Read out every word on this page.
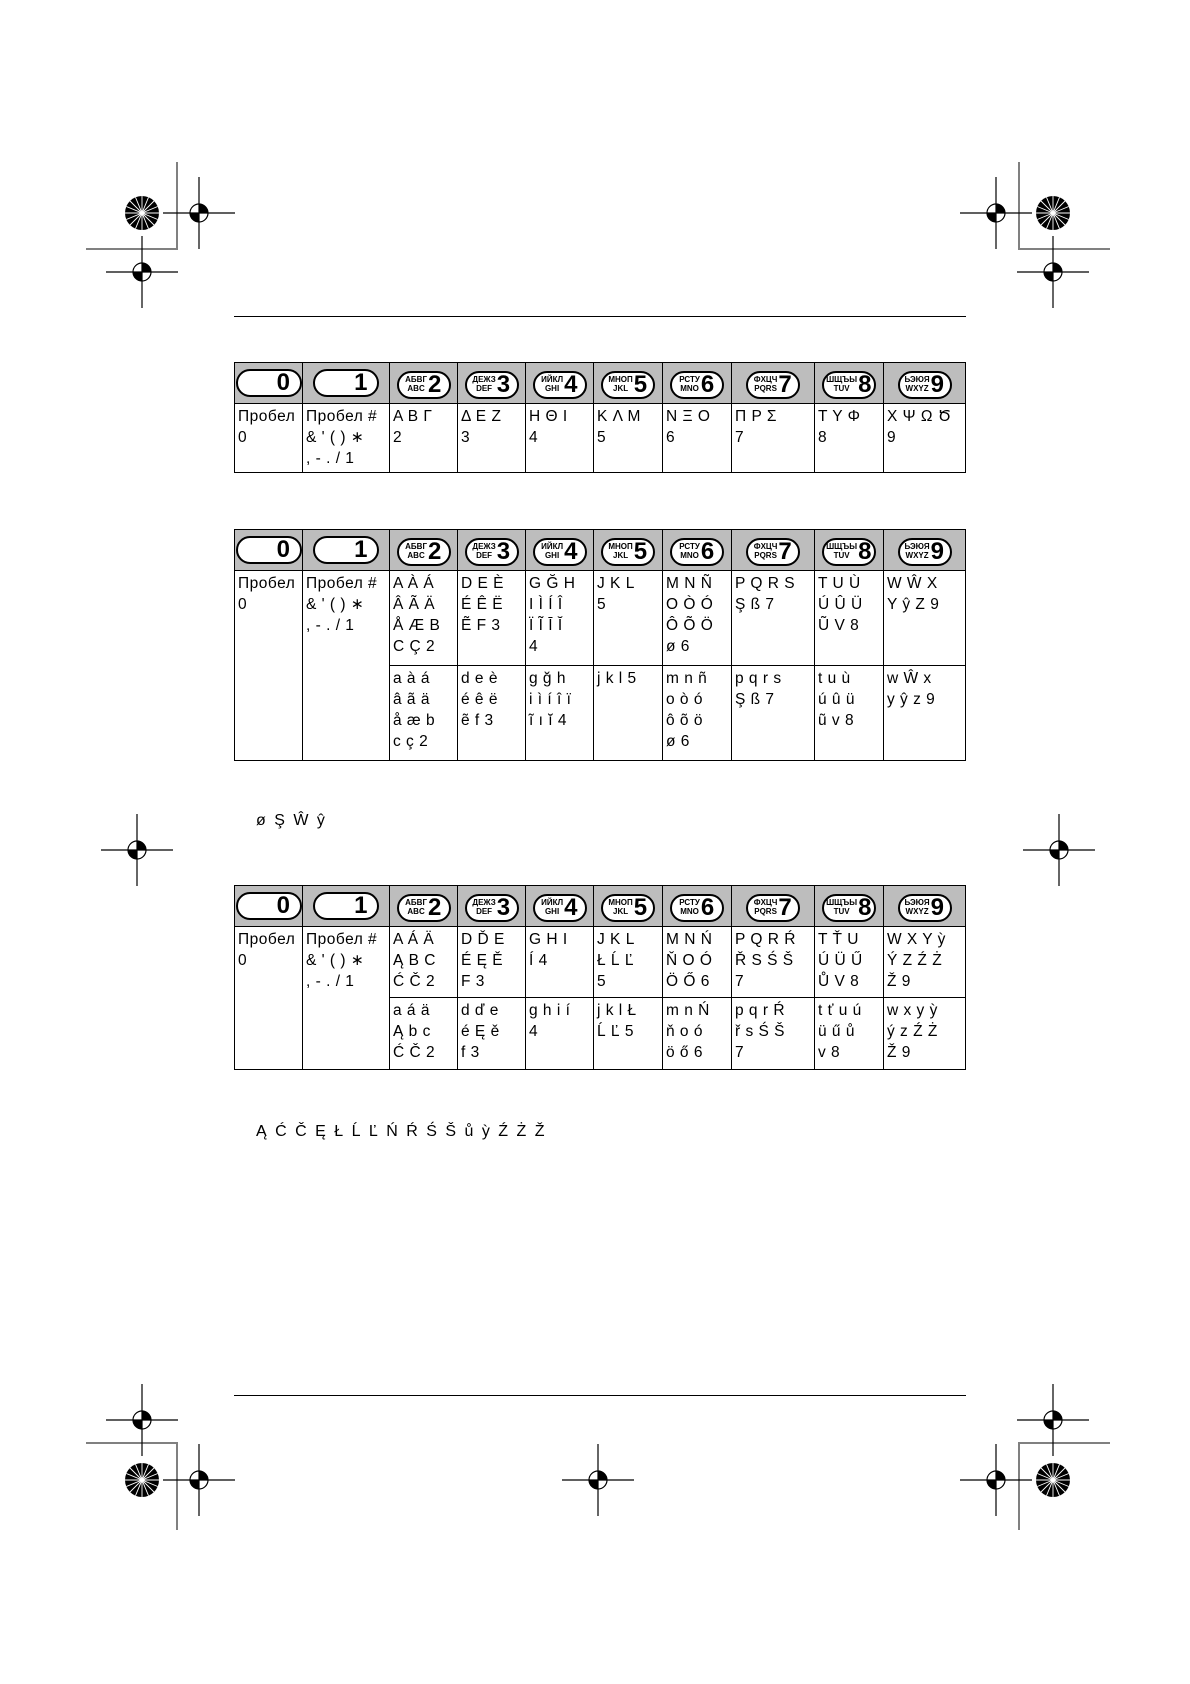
0	1	АБВГ
ABC 2	ДЕЖЗ
DEF 3	ИЙКЛ
GHI 4	МНОП
JKL 5	РСТУ
MNO 6	ФХЦЧ
PQRS 7	ШЩЪЫ
TUV 8	ЬЭЮЯ
WXYZ 9

Пробел
0	Пробел #
& ' ( ) ∗
, - . / 1	A B Γ
2	Δ E Z
3	H Θ I
4	K Λ M
5	N Ξ O
6	Π P Σ
7	T Y Φ
8	X Ψ Ω Ծ
9
0	1	АБВГ
ABC 2	ДЕЖЗ
DEF 3	ИЙКЛ
GHI 4	МНОП
JKL 5	РСТУ
MNO 6	ФХЦЧ
PQRS 7	ШЩЪЫ
TUV 8	ЬЭЮЯ
WXYZ 9

Пробел
0	Пробел #
& ' ( ) ∗
, - . / 1	A À Á
Â Ã Ä
Å Æ B
C Ç 2	D E È
É Ê Ë
Ẽ F 3	G Ğ H
I Ì Í Î
Ï Ĩ Ī Ĭ
4	J K L
5	M N Ñ
O Ò Ó
Ô Õ Ö
ø 6	P Q R S
Ş ß 7	T U Ù
Ú Û Ü
Ũ V 8	W Ŵ X
Y ŷ Z 9

		a à á
â ã ä
å æ b
c ç 2	d e è
é ê ë
ẽ f 3	g ğ h
i ì í î ï
ĩ ı ĭ 4	j k l 5	m n ñ
o ò ó
ô õ ö
ø 6	p q r s
Ş ß 7	t u ù
ú û ü
ũ v 8	w Ŵ x
y ŷ z 9
ø Ş Ŵ ŷ
0	1	АБВГ
ABC 2	ДЕЖЗ
DEF 3	ИЙКЛ
GHI 4	МНОП
JKL 5	РСТУ
MNO 6	ФХЦЧ
PQRS 7	ШЩЪЫ
TUV 8	ЬЭЮЯ
WXYZ 9

Пробел
0	Пробел #
& ' ( ) ∗
, - . / 1	A Á Ä
Ą B C
Ć Č 2	D Ď E
É Ę Ě
F 3	G H I
Í 4	J K L
Ł Ĺ Ľ
5	M N Ń
Ň O Ó
Ö Ő 6	P Q R Ŕ
Ř S Ś Š
7	T Ť U
Ú Ü Ű
Ů V 8	W X Y ỳ
Ý Z Ź Ż
Ž 9

		a á ä
Ą b c
Ć Č 2	d ď e
é Ę ě
f 3	g h i í
4	j k l Ł
Ĺ Ľ 5	m n Ń
ň o ó
ö ő 6	p q r Ŕ
ř s Ś Š
7	t ť u ú
ü ű ů
v 8	w x y ỳ
ý z Ź Ż
Ž 9
Ą Ć Č Ę Ł Ĺ Ľ Ń Ŕ Ś Š ů ỳ Ź Ż Ž
